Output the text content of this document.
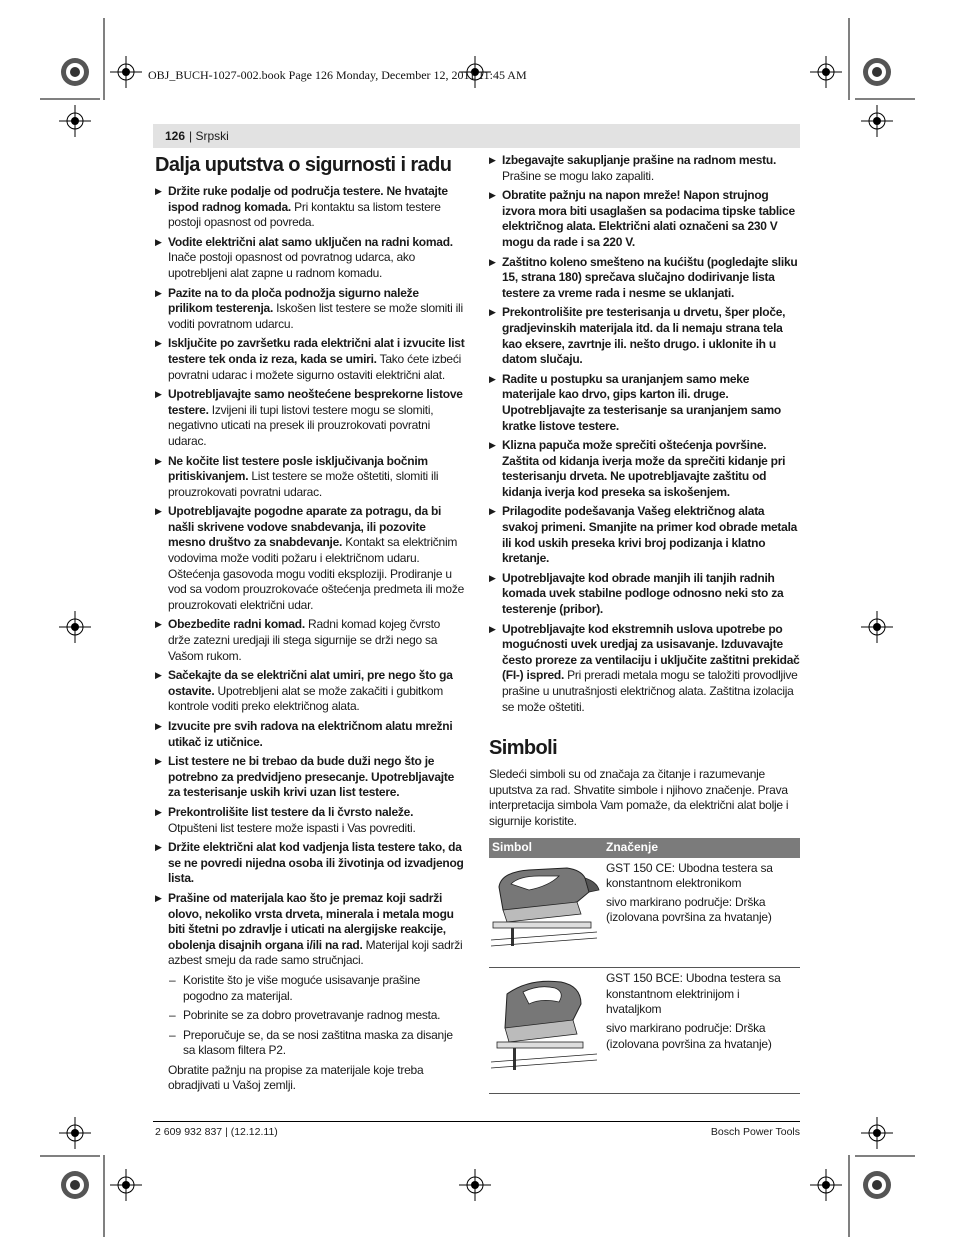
OBJ_BUCH-1027-002.book Page 126 Monday, December 12, 2011 11:45 AM
126 | Srpski
Dalja uputstva o sigurnosti i radu
▶ Držite ruke podalje od područja testere. Ne hvatajte ispod radnog komada. Pri kontaktu sa listom testere postoji opasnost od povreda.
▶ Vodite električni alat samo uključen na radni komad. Inače postoji opasnost od povratnog udarca, ako upotrebljeni alat zapne u radnom komadu.
▶ Pazite na to da ploča podnožja sigurno naleže prilikom testerenja. Iskošen list testere se može slomiti ili voditi povratnom udarcu.
▶ Isključite po završetku rada električni alat i izvucite list testere tek onda iz reza, kada se umiri. Tako ćete izbeći povratni udarac i možete sigurno ostaviti električni alat.
▶ Upotrebljavajte samo neoštećene besprekorne listove testere. Izvijeni ili tupi listovi testere mogu se slomiti, negativno uticati na presek ili prouzrokovati povratni udarac.
▶ Ne kočite list testere posle isključivanja bočnim pritiskivanjem. List testere se može oštetiti, slomiti ili prouzrokovati povratni udarac.
▶ Upotrebljavajte pogodne aparate za potragu, da bi našli skrivene vodove snabdevanja, ili pozovite mesno društvo za snabdevanje. Kontakt sa električnim vodovima može voditi požaru i električnom udaru. Oštećenja gasovoda mogu voditi eksploziji. Prodiranje u vod sa vodom prouzrokovaće oštećenja predmeta ili može prouzrokovati električni udar.
▶ Obezbedite radni komad. Radni komad kojeg čvrsto drže zatezni uredjaji ili stega sigurnije se drži nego sa Vašom rukom.
▶ Sačekajte da se električni alat umiri, pre nego što ga ostavite. Upotrebljeni alat se može zakačiti i gubitkom kontrole voditi preko električnog alata.
▶ Izvucite pre svih radova na električnom alatu mrežni utikač iz utičnice.
▶ List testere ne bi trebao da bude duži nego što je potrebno za predvidjeno presecanje. Upotrebljavajte za testerisanje uskih krivi uzan list testere.
▶ Prekontrolišite list testere da li čvrsto naleže. Otpušteni list testere može ispasti i Vas povrediti.
▶ Držite električni alat kod vadjenja lista testere tako, da se ne povredi nijedna osoba ili životinja od izvadjenog lista.
▶ Prašine od materijala kao što je premaz koji sadrži olovo, nekoliko vrsta drveta, minerala i metala mogu biti štetni po zdravlje i uticati na alergijske reakcije, obolenja disajnih organa i/ili na rad. Materijal koji sadrži azbest smeju da rade samo stručnjaci.
– Koristite što je više moguće usisavanje prašine pogodno za materijal.
– Pobrinite se za dobro provetravanje radnog mesta.
– Preporučuje se, da se nosi zaštitna maska za disanje sa klasom filtera P2.
Obratite pažnju na propise za materijale koje treba obradjivati u Vašoj zemlji.
▶ Izbegavajte sakupljanje prašine na radnom mestu. Prašine se mogu lako zapaliti.
▶ Obratite pažnju na napon mreže! Napon strujnog izvora mora biti usaglašen sa podacima tipske tablice električnog alata. Električni alati označeni sa 230 V mogu da rade i sa 220 V.
▶ Zaštitno koleno smešteno na kućištu (pogledajte sliku 15, strana 180) sprečava slučajno dodirivanje lista testere za vreme rada i nesme se uklanjati.
▶ Prekontrolišite pre testerisanja u drvetu, šper ploče, gradjevinskih materijala itd. da li nemaju strana tela kao eksere, zavrtnje ili. nešto drugo. i uklonite ih u datom slučaju.
▶ Radite u postupku sa uranjanjem samo meke materijale kao drvo, gips karton ili. druge. Upotrebljavajte za testerisanje sa uranjanjem samo kratke listove testere.
▶ Klizna papuča može sprečiti oštećenja površine. Zaštita od kidanja iverja može da sprečiti kidanje pri testerisanju drveta. Ne upotrebljavajte zaštitu od kidanja iverja kod preseka sa iskošenjem.
▶ Prilagodite podešavanja Vašeg električnog alata svakoj primeni. Smanjite na primer kod obrade metala ili kod uskih preseka krivi broj podizanja i klatno kretanje.
▶ Upotrebljavajte kod obrade manjih ili tanjih radnih komada uvek stabilne podloge odnosno neki sto za testerenje (pribor).
▶ Upotrebljavajte kod ekstremnih uslova upotrebe po mogućnosti uvek uredjaj za usisavanje. Izduvavajte često proreze za ventilaciju i uključite zaštitni prekidač (FI-) ispred. Pri preradi metala mogu se taložiti provodljive prašine u unutrašnjosti električnog alata. Zaštitna izolacija se može oštetiti.
Simboli

Sledeći simboli su od značaja za čitanje i razumevanje uputstva za rad. Shvatite simbole i njihovo značenje. Prava interpretacija simbola Vam pomaže, da električni alat bolje i sigurnije koristite.

Simbol	Značenje

GST 150 CE: Ubodna testera sa konstantnom elektronikom

sivo markirano područje: Drška (izolovana površina za hvatanje)

GST 150 BCE: Ubodna testera sa konstantnom elektrinijom i hvataljkom

sivo markirano područje: Drška (izolovana površina za hvatanje)

2 609 932 837 | (12.12.11)	Bosch Power Tools
